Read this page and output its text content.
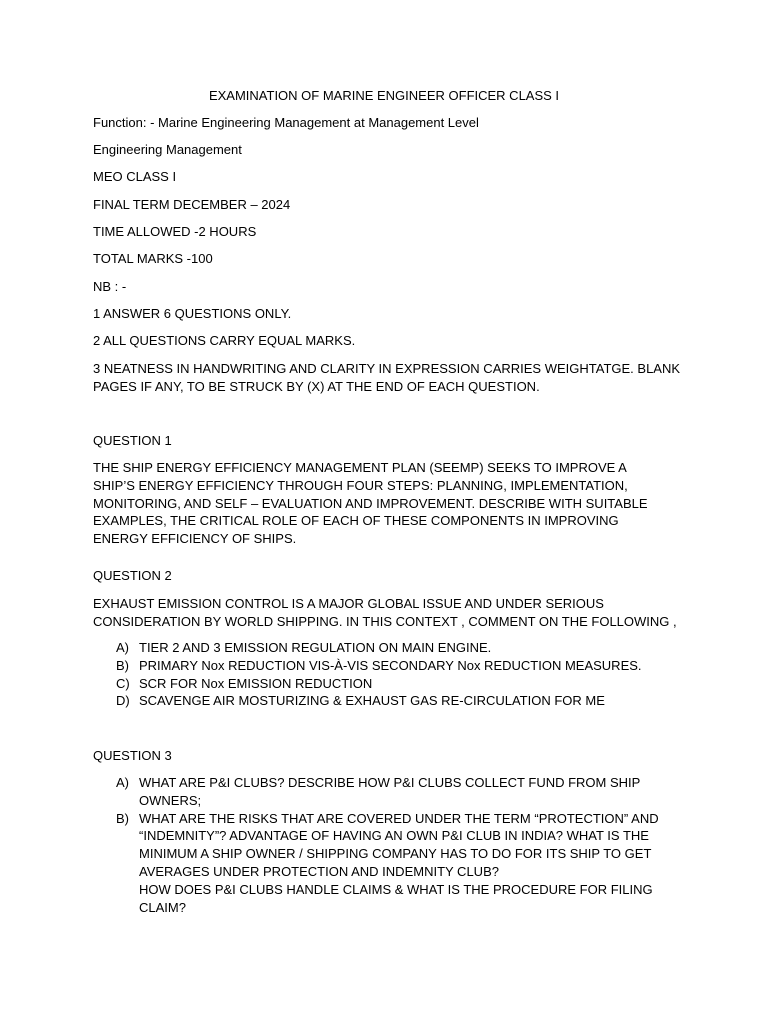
EXAMINATION OF MARINE ENGINEER OFFICER CLASS I
Function: - Marine Engineering Management at Management Level
Engineering Management
MEO CLASS I
FINAL TERM DECEMBER – 2024
TIME ALLOWED -2 HOURS
TOTAL MARKS -100
NB : -
1 ANSWER 6 QUESTIONS ONLY.
2 ALL QUESTIONS CARRY EQUAL MARKS.
3 NEATNESS IN HANDWRITING AND CLARITY IN EXPRESSION CARRIES WEIGHTATGE. BLANK PAGES IF ANY, TO BE STRUCK BY (X) AT THE END OF EACH QUESTION.
QUESTION 1
THE SHIP ENERGY EFFICIENCY MANAGEMENT PLAN (SEEMP) SEEKS TO IMPROVE A SHIP’S ENERGY EFFICIENCY THROUGH FOUR STEPS: PLANNING, IMPLEMENTATION, MONITORING, AND SELF – EVALUATION AND IMPROVEMENT. DESCRIBE WITH SUITABLE EXAMPLES, THE CRITICAL ROLE OF EACH OF THESE COMPONENTS IN IMPROVING ENERGY EFFICIENCY OF SHIPS.
QUESTION 2
EXHAUST EMISSION CONTROL IS A MAJOR GLOBAL ISSUE AND UNDER SERIOUS CONSIDERATION BY WORLD SHIPPING. IN THIS CONTEXT , COMMENT ON THE FOLLOWING ,
A) TIER 2 AND 3 EMISSION REGULATION ON MAIN ENGINE.
B) PRIMARY Nox REDUCTION VIS-À-VIS SECONDARY Nox REDUCTION MEASURES.
C) SCR FOR Nox EMISSION REDUCTION
D) SCAVENGE AIR MOSTURIZING & EXHAUST GAS RE-CIRCULATION FOR ME
QUESTION 3
A) WHAT ARE P&I CLUBS? DESCRIBE HOW P&I CLUBS COLLECT FUND FROM SHIP OWNERS;
B) WHAT ARE THE RISKS THAT ARE COVERED UNDER THE TERM “PROTECTION” AND “INDEMNITY”? ADVANTAGE OF HAVING AN OWN P&I CLUB IN INDIA? WHAT IS THE MINIMUM A SHIP OWNER / SHIPPING COMPANY HAS TO DO FOR ITS SHIP TO GET AVERAGES UNDER PROTECTION AND INDEMNITY CLUB?
HOW DOES P&I CLUBS HANDLE CLAIMS & WHAT IS THE PROCEDURE FOR FILING CLAIM?
